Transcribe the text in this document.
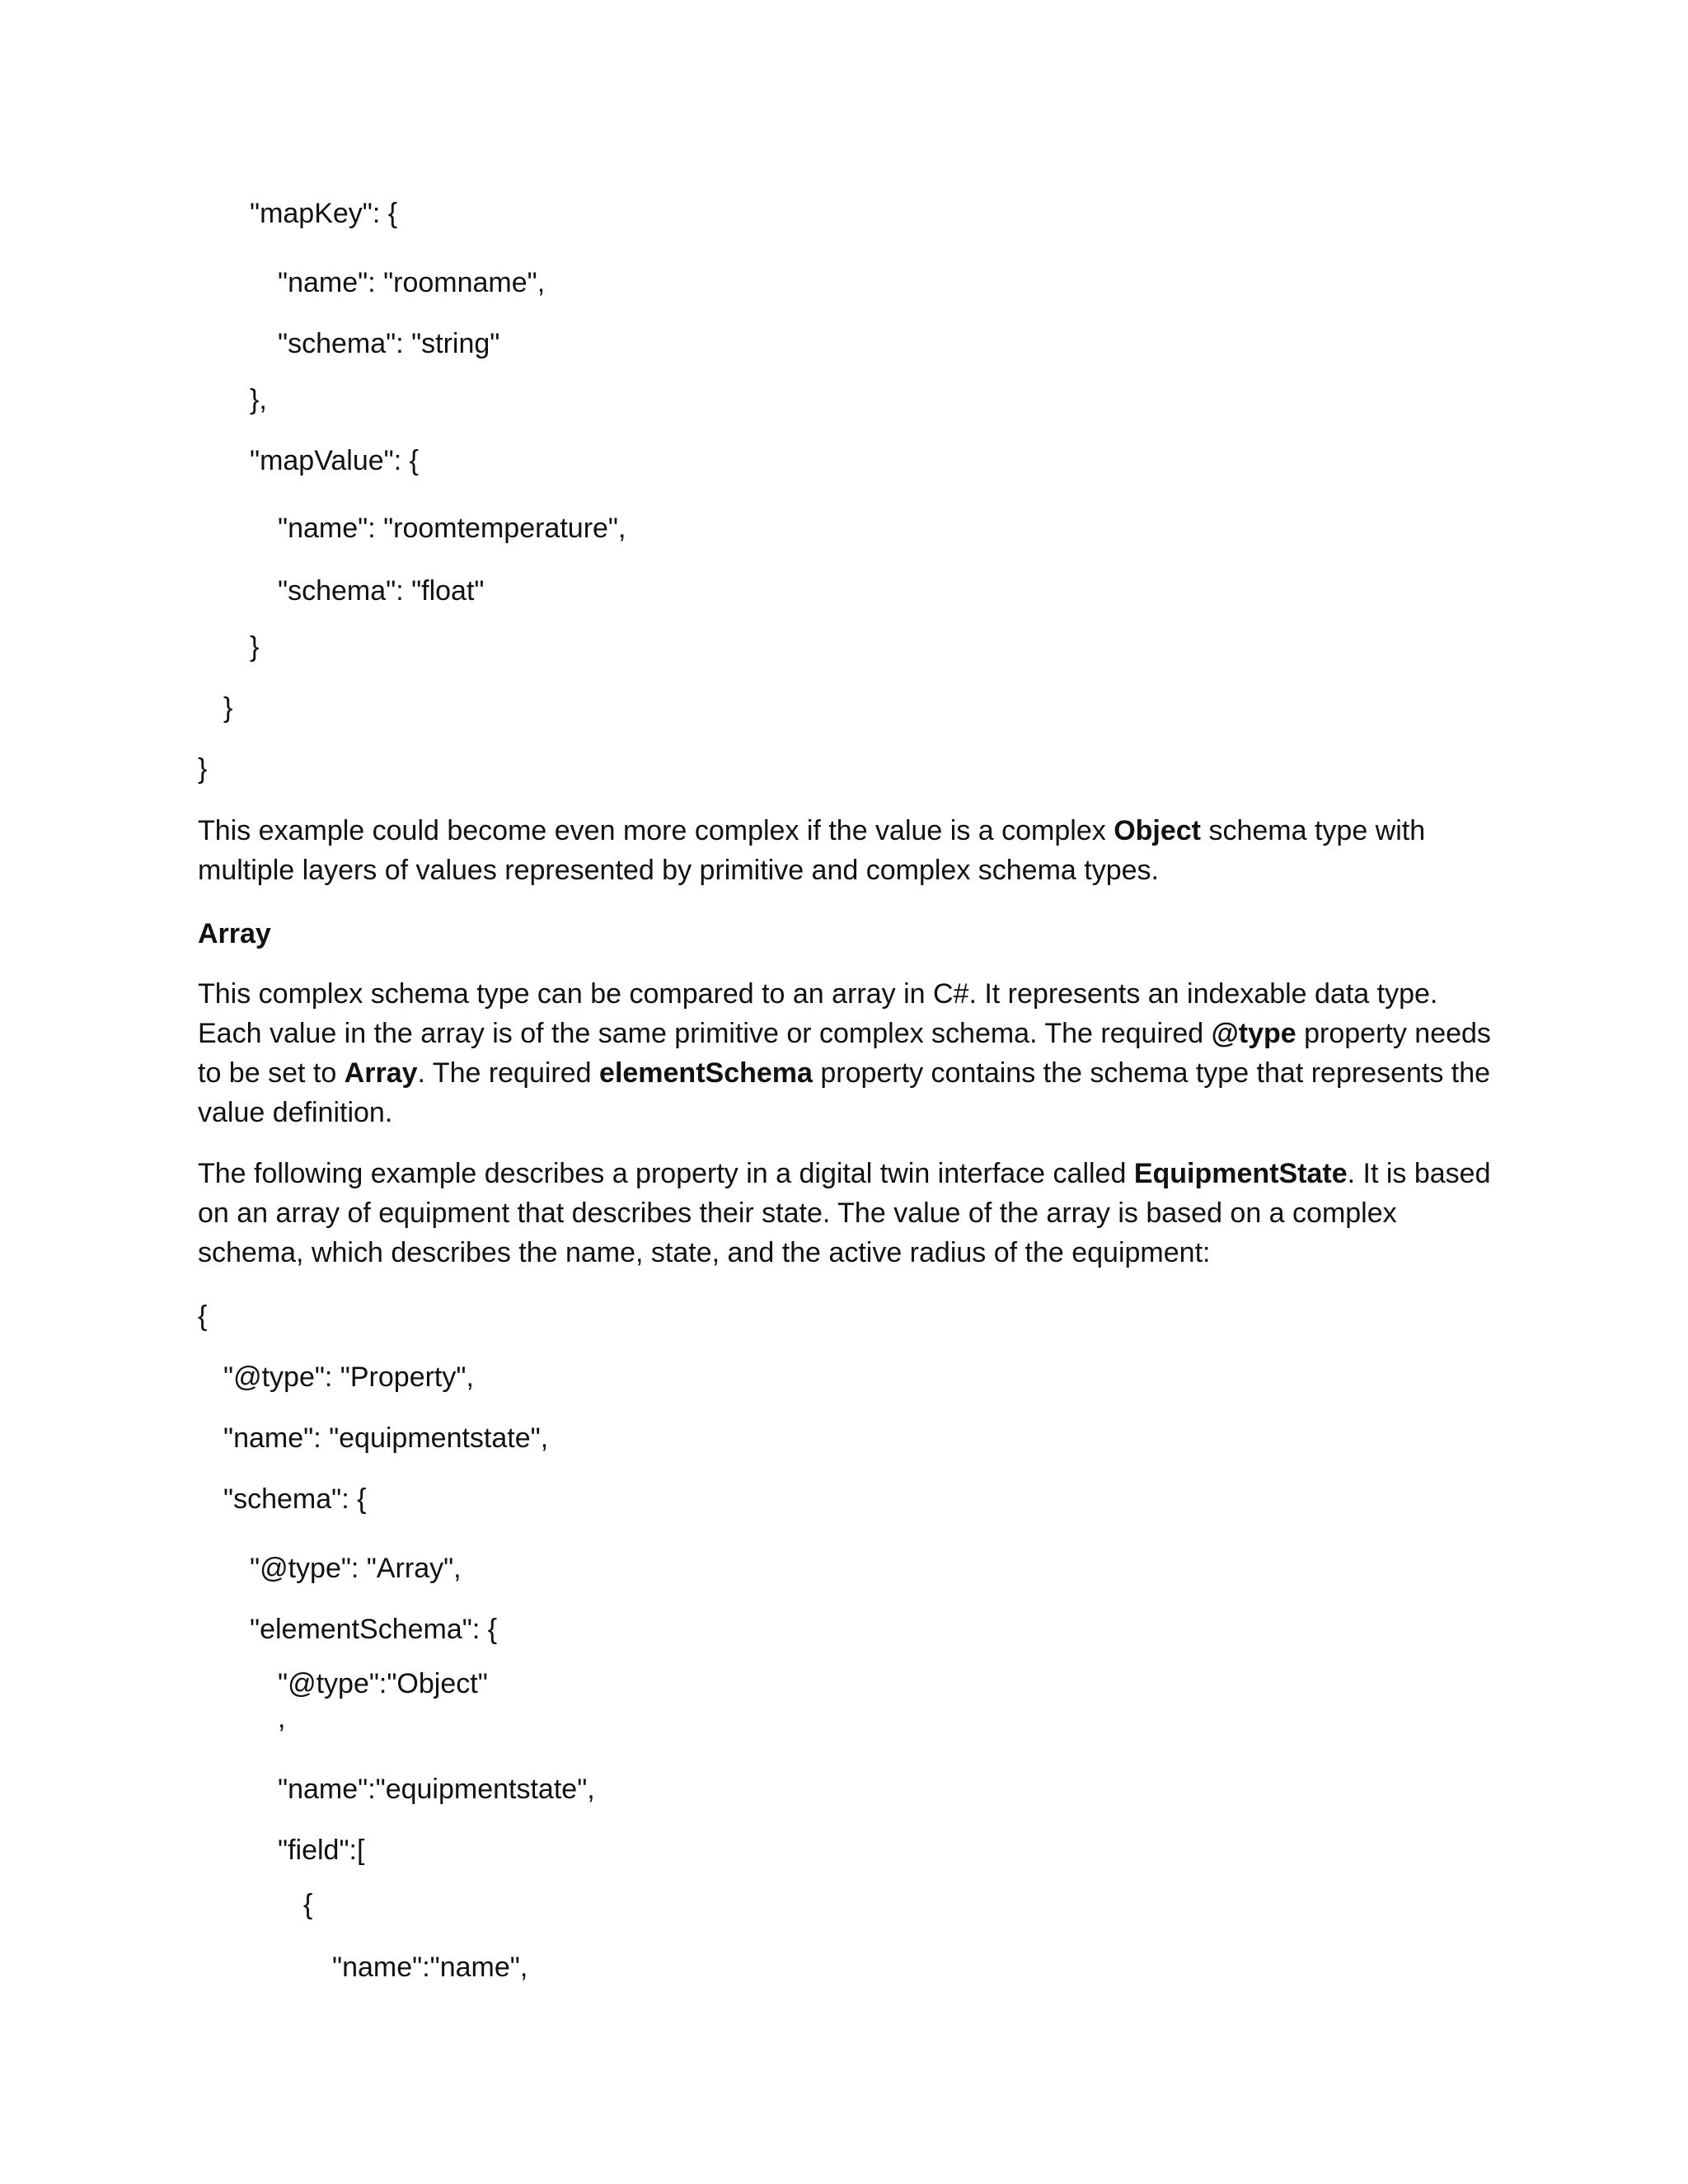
"mapKey": {
"name": "roomname",
"schema": "string"
},
"mapValue": {
"name": "roomtemperature",
"schema": "float"
}
}
}
This example could become even more complex if the value is a complex Object schema type with multiple layers of values represented by primitive and complex schema types.
Array
This complex schema type can be compared to an array in C#. It represents an indexable data type. Each value in the array is of the same primitive or complex schema. The required @type property needs to be set to Array. The required elementSchema property contains the schema type that represents the value definition.
The following example describes a property in a digital twin interface called EquipmentState. It is based on an array of equipment that describes their state. The value of the array is based on a complex schema, which describes the name, state, and the active radius of the equipment:
{
"@type": "Property",
"name": "equipmentstate",
"schema": {
"@type": "Array",
"elementSchema": {
"@type":"Object"
,
"name":"equipmentstate",
"field":[
{
"name":"name",
